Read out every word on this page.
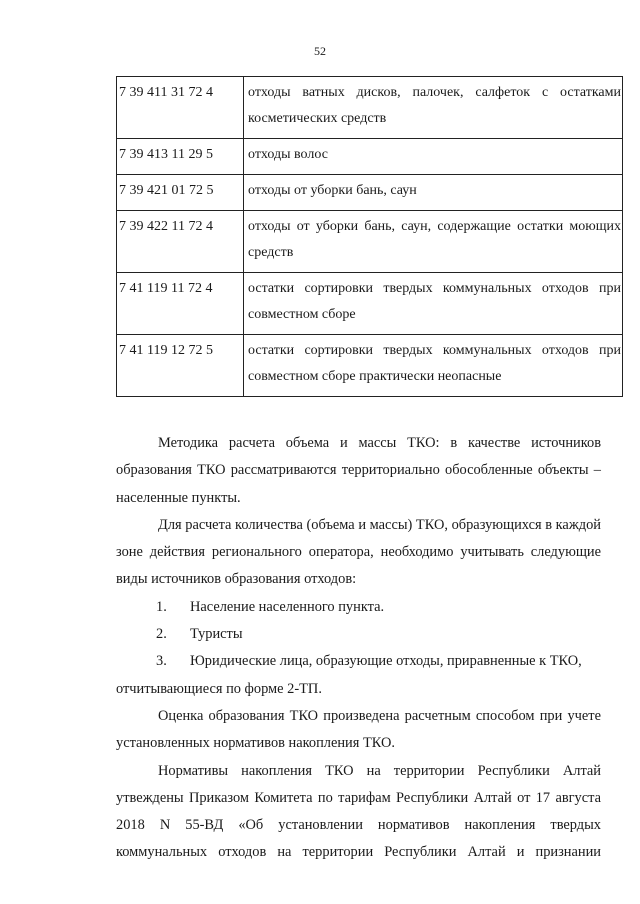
52
7 39 411 31 72 4	отходы ватных дисков, палочек, салфеток с остатками косметических средств
7 39 413 11 29 5	отходы волос
7 39 421 01 72 5	отходы от уборки бань, саун
7 39 422 11 72 4	отходы от уборки бань, саун, содержащие остатки моющих средств
7 41 119 11 72 4	остатки сортировки твердых коммунальных отходов при совместном сборе
7 41 119 12 72 5	остатки сортировки твердых коммунальных отходов при совместном сборе практически неопасные

Методика расчета объема и массы ТКО: в качестве источников образования ТКО рассматриваются территориально обособленные объекты – населенные пункты.

Для расчета количества (объема и массы) ТКО, образующихся в каждой зоне действия регионального оператора, необходимо учитывать следующие виды источников образования отходов:

1.	Население населенного пункта.
2.	Туристы
3.	Юридические лица, образующие отходы, приравненные к ТКО,

отчитывающиеся по форме 2-ТП.

Оценка образования ТКО произведена расчетным способом при учете установленных нормативов накопления ТКО.

Нормативы накопления ТКО на территории Республики Алтай утвеждены Приказом Комитета по тарифам Республики Алтай от 17 августа 2018 N 55-ВД «Об установлении нормативов накопления твердых коммунальных отходов на территории Республики Алтай и признании
